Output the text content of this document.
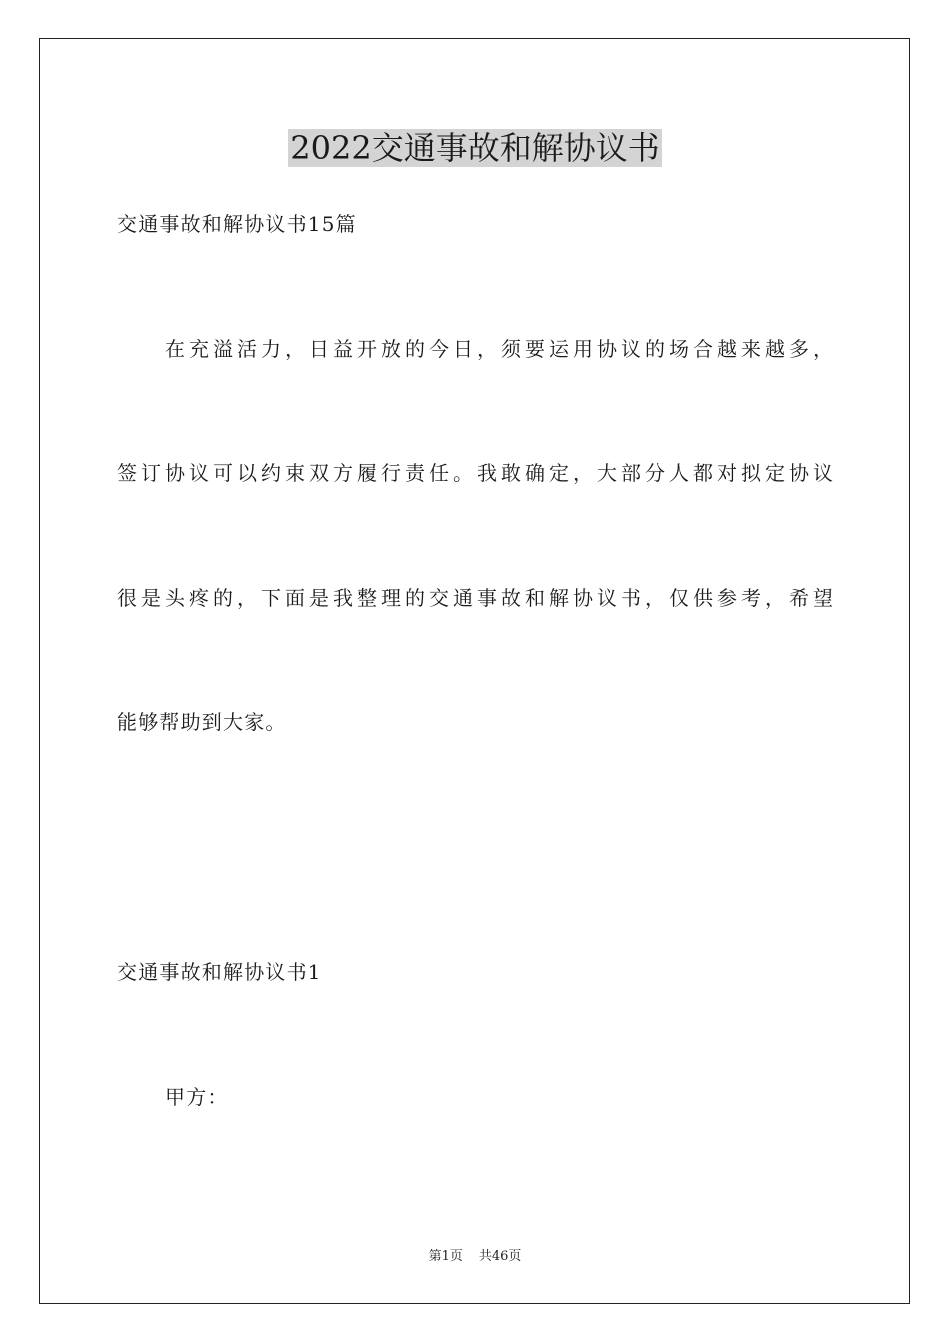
2022交通事故和解协议书

交通事故和解协议书15篇

在充溢活力，日益开放的今日，须要运用协议的场合越来越多，

签订协议可以约束双方履行责任。我敢确定，大部分人都对拟定协议

很是头疼的，下面是我整理的交通事故和解协议书，仅供参考，希望

能够帮助到大家。

交通事故和解协议书1

甲方：

第1页 共46页
